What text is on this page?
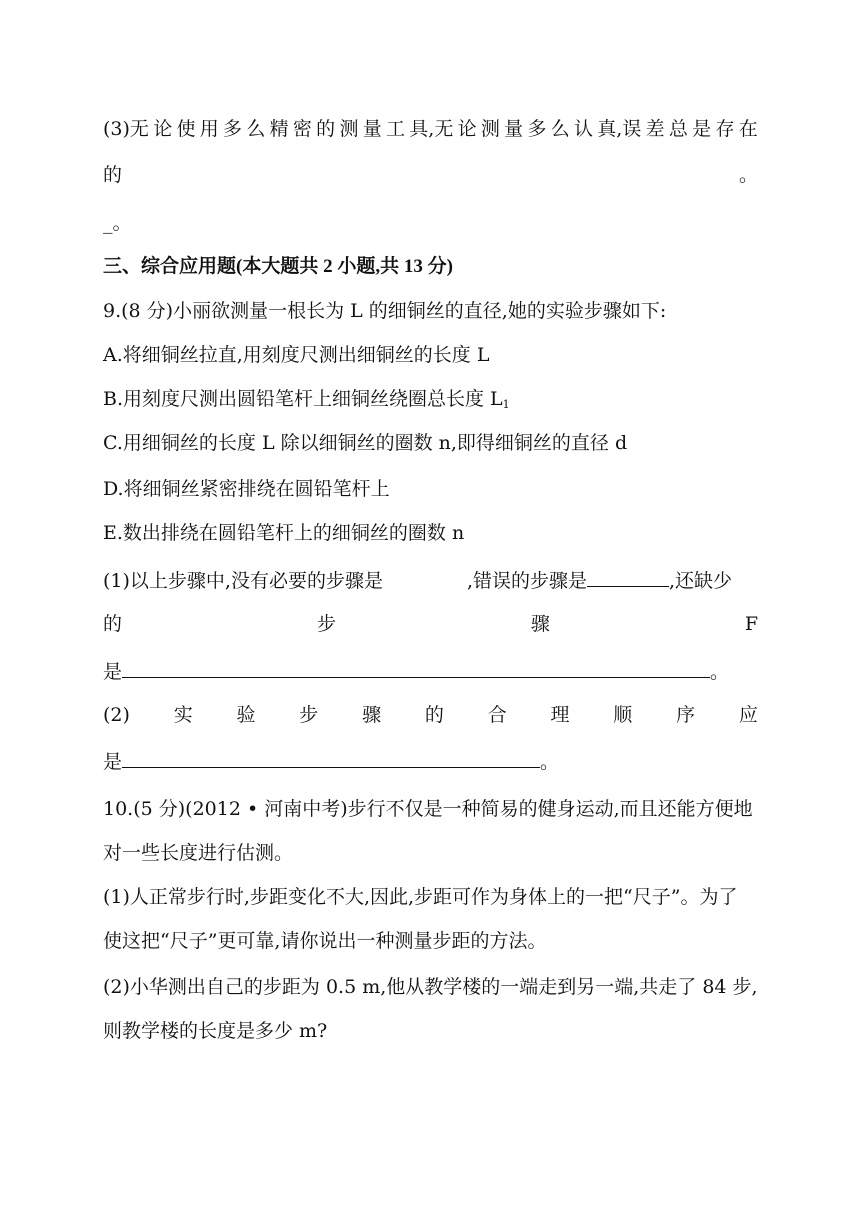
(3)无 论 使 用 多 么 精 密 的 测 量 工 具,无 论 测 量 多 么 认 真,误 差 总 是 存 在
的	。
_。
三、综合应用题(本大题共 2 小题,共 13 分)
9.(8 分)小丽欲测量一根长为 L 的细铜丝的直径,她的实验步骤如下:
A.将细铜丝拉直,用刻度尺测出细铜丝的长度 L
B.用刻度尺测出圆铅笔杆上细铜丝绕圈总长度 $L_1$
C.用细铜丝的长度 L 除以细铜丝的圈数 n,即得细铜丝的直径 d
D.将细铜丝紧密排绕在圆铅笔杆上
E.数出排绕在圆铅笔杆上的细铜丝的圈数 n
(1)以上步骤中,没有必要的步骤是	,错误的步骤是	,还缺少
的	步	骤	F
是	。
(2) 实 验 步 骤 的 合 理 顺 序 应
是	。
10.(5 分)(2012 • 河南中考)步行不仅是一种简易的健身运动,而且还能方便地
对一些长度进行估测。
(1)人正常步行时,步距变化不大,因此,步距可作为身体上的一把“尺子”。为了
使这把“尺子”更可靠,请你说出一种测量步距的方法。
(2)小华测出自己的步距为 0.5 m,他从教学楼的一端走到另一端,共走了 84 步,
则教学楼的长度是多少 m?
